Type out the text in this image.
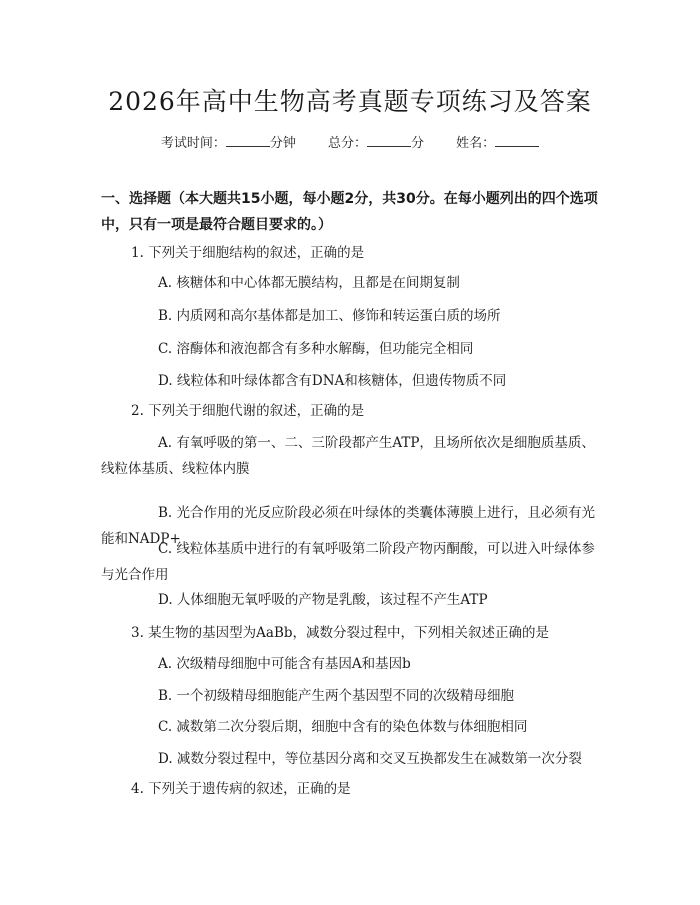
2026年高中生物高考真题专项练习及答案
考试时间：	分钟 总分：	分 姓名：
一、选择题（本大题共15小题，每小题2分，共30分。在每小题列出的四个选项中，只有一项是最符合题目要求的。）
1. 下列关于细胞结构的叙述，正确的是
A. 核糖体和中心体都无膜结构，且都是在间期复制
B. 内质网和高尔基体都是加工、修饰和转运蛋白质的场所
C. 溶酶体和液泡都含有多种水解酶，但功能完全相同
D. 线粒体和叶绿体都含有DNA和核糖体，但遗传物质不同
2. 下列关于细胞代谢的叙述，正确的是
A. 有氧呼吸的第一、二、三阶段都产生ATP，且场所依次是细胞质基质、线粒体基质、线粒体内膜
B. 光合作用的光反应阶段必须在叶绿体的类囊体薄膜上进行，且必须有光能和NADP+
C. 线粒体基质中进行的有氧呼吸第二阶段产物丙酮酸，可以进入叶绿体参与光合作用
D. 人体细胞无氧呼吸的产物是乳酸，该过程不产生ATP
3. 某生物的基因型为AaBb，减数分裂过程中，下列相关叙述正确的是
A. 次级精母细胞中可能含有基因A和基因b
B. 一个初级精母细胞能产生两个基因型不同的次级精母细胞
C. 减数第二次分裂后期，细胞中含有的染色体数与体细胞相同
D. 减数分裂过程中，等位基因分离和交叉互换都发生在减数第一次分裂
4. 下列关于遗传病的叙述，正确的是
